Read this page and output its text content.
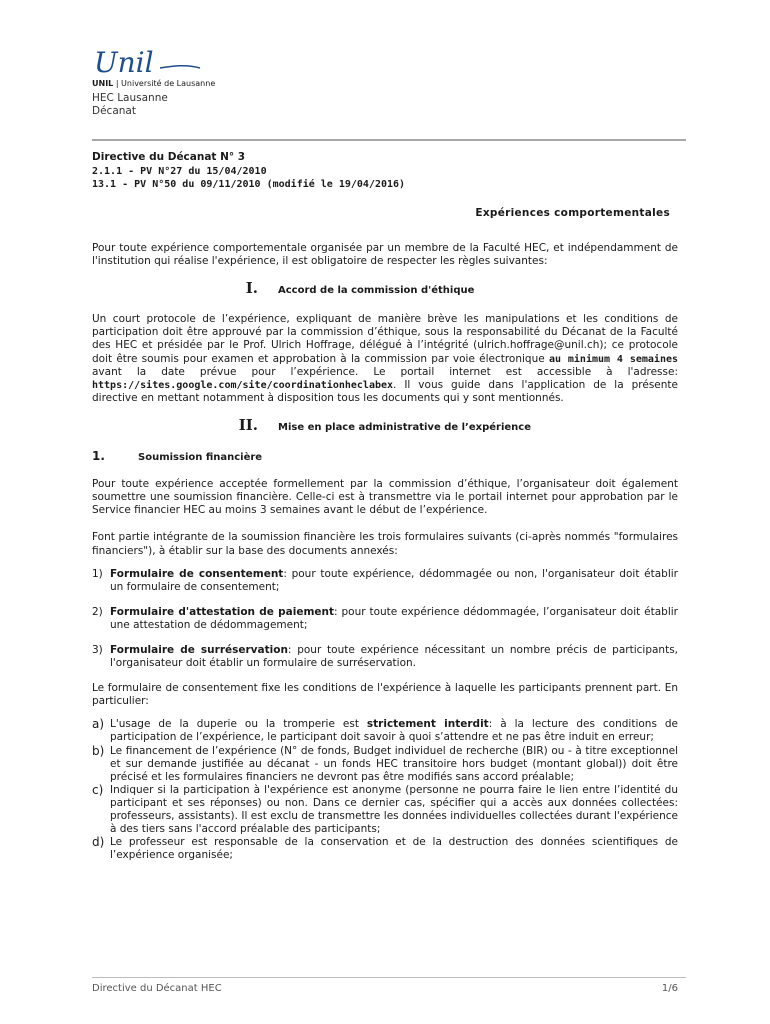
Unil
UNIL | Université de Lausanne
HEC Lausanne
Décanat
Directive du Décanat N° 3
2.1.1 - PV N°27 du 15/04/2010
13.1 - PV N°50 du 09/11/2010 (modifié le 19/04/2016)
Expériences comportementales

Pour toute expérience comportementale organisée par un membre de la Faculté HEC, et indépendamment de l'institution qui réalise l'expérience, il est obligatoire de respecter les règles suivantes:

I. Accord de la commission d'éthique

Un court protocole de l’expérience, expliquant de manière brève les manipulations et les conditions de participation doit être approuvé par la commission d’éthique, sous la responsabilité du Décanat de la Faculté des HEC et présidée par le Prof. Ulrich Hoffrage, délégué à l’intégrité (ulrich.hoffrage@unil.ch); ce protocole doit être soumis pour examen et approbation à la commission par voie électronique au minimum 4 semaines avant la date prévue pour l’expérience. Le portail internet est accessible à l'adresse: https://sites.google.com/site/coordinationheclabex. Il vous guide dans l'application de la présente directive en mettant notamment à disposition tous les documents qui y sont mentionnés.

II. Mise en place administrative de l’expérience
1.	Soumission financière

Pour toute expérience acceptée formellement par la commission d’éthique, l’organisateur doit également soumettre une soumission financière. Celle-ci est à transmettre via le portail internet pour approbation par le Service financier HEC au moins 3 semaines avant le début de l’expérience.

Font partie intégrante de la soumission financière les trois formulaires suivants (ci-après nommés "formulaires financiers"), à établir sur la base des documents annexés:

1) Formulaire de consentement: pour toute expérience, dédommagée ou non, l'organisateur doit établir un formulaire de consentement;
2) Formulaire d'attestation de paiement: pour toute expérience dédommagée, l’organisateur doit établir une attestation de dédommagement;
3) Formulaire de surréservation: pour toute expérience nécessitant un nombre précis de participants, l'organisateur doit établir un formulaire de surréservation.

Le formulaire de consentement fixe les conditions de l'expérience à laquelle les participants prennent part. En particulier:

a) L'usage de la duperie ou la tromperie est strictement interdit: à la lecture des conditions de participation de l’expérience, le participant doit savoir à quoi s’attendre et ne pas être induit en erreur;
b) Le financement de l’expérience (N° de fonds, Budget individuel de recherche (BIR) ou - à titre exceptionnel et sur demande justifiée au décanat - un fonds HEC transitoire hors budget (montant global)) doit être précisé et les formulaires financiers ne devront pas être modifiés sans accord préalable;
c) Indiquer si la participation à l'expérience est anonyme (personne ne pourra faire le lien entre l’identité du participant et ses réponses) ou non. Dans ce dernier cas, spécifier qui a accès aux données collectées: professeurs, assistants). Il est exclu de transmettre les données individuelles collectées durant l'expérience à des tiers sans l'accord préalable des participants;
d) Le professeur est responsable de la conservation et de la destruction des données scientifiques de l’expérience organisée;
Directive du Décanat HEC	1/6
